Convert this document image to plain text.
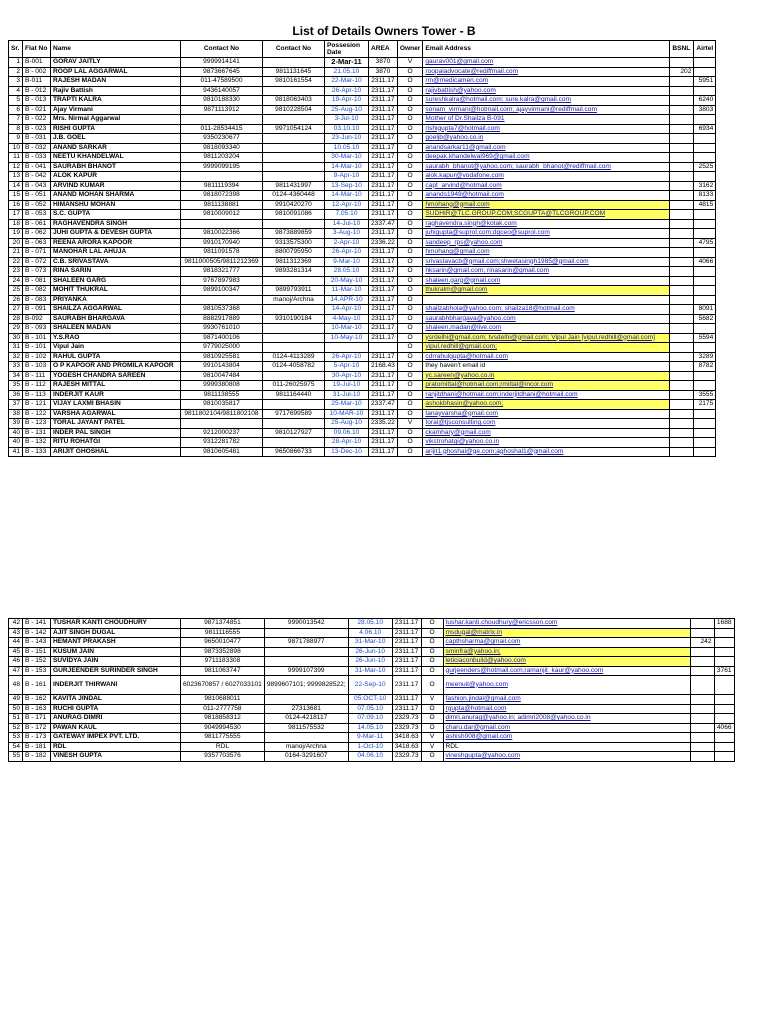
List of Details Owners Tower - B
Sr.	Flat No	Name	Contact No	Contact No	Possesion Date	AREA	Owner	Email Address	BSNL	Airtel
1	B-001	GORAV JAITLY	9999914141		2-Mar-11	3870	V	gaurav001@gmail.com		
2	B - 002	ROOP LAL AGGARWAL	9873667645	9811131645	21.05.10	3870	O	roopaladvocate@rediffmail.com	202	
3	B-011	RAJESH MADAN	011-47589500	9810161554	22-Mar-10	2311.17	O	rm@medicamen.com		5951
4	B - 012	Rajiv Battish	9436140057		26-Apr-10	2311.17	O	rajivbattish@yahoo.com		
5	B - 013	TRAPTI KALRA	9810188330	9818063403	19-Apr-10	2311.17	O	sureshkalra@hotmail.com; sure.kalra@gmail.com		6240
6	B - 021	Ajay Virmani	9871113912	9810228504	25-Aug-10	2311.17	O	sonam_virmani@hotmail.com; ajayvirmani@rediffmail.com		3803
7	B - 022	Mrs. Nirmal Aggarwal			3-Jul-10	2311.17	O	Mother of Dr.Shailza B-091		
8	B - 023	RISHI GUPTA	011-28534415	9971054124	03.10.10	2311.17	O	rishigupta7@hotmail.com		6934
9	B - 031	J.B. GOEL	9350230677		23-Jun-10	2311.17	O	goeljb@yahoo.co.in		
10	B - 032	ANAND SARKAR	9818093340		10.05.10	2311.17	O	anandsarkar11@gmail.com		
11	B - 033	NEETU KHANDELWAL	9811203204		30-Mar-10	2311.17	O	deepak.khandelwal969@gmail.com		
12	B - 041	SAURABH BHANOT	9999099195		14-Mar-10	2311.17	O	saurabh_bhanot@yahoo.com; saurabh_bhanot@rediffmail.com		2525
13	B - 042	ALOK KAPUR			9-Apr-10	2311.17	O	alok.kapur@vodafone.com		
14	B - 043	ARVIND KUMAR	9811119394	9811431997	13-Sep-10	2311.17	O	capt_arvind@hotmail.com		3162
15	B - 051	ANAND MOHAN SHARMA	9818072398	0124-4360448	14-Mar-10	2311.17	O	anands1949@hotmail.com		8133
16	B - 052	HIMANSHU MOHAN	9811138881	9910420270	12-Apr-10	2311.17	O	hmohang@gmail.com		4815
17	B - 053	S.C. GUPTA	9810009012	9810091086	7.05.10	2311.17	O	SUDHIR@TLC.GROUP.COM;SCGUPTA@TLCGROUP.COM		
18	B - 061	RAGHAVENDRA SINGH			14-Jul-10	2337.47	O	raghavendra.singh@kotak.com		
19	B - 062	JUHI GUPTA & DEVESH GUPTA	9810022366	9873889859	3-Aug-10	2311.17	O	juhigupta@suprol.com;dgceo@suprol.com		
20	B - 063	REENA ARORA KAPOOR	9910170940	9313575300	2-Apr-10	2336.22	O	sandeep_rps@yahoo.com		4795
21	B - 071	MANOHAR LAL AHUJA	9811091578	8800795950	26-Apr-10	2311.17	O	hmohang@gmail.com		
22	B - 072	C.B. SRIVASTAVA	9811000505/9811212369	9811312369	9-Mar-10	2311.17	O	srivastavacb@gmail.com;shwetasingh1985@gmail.com		4066
23	B - 073	RINA SARIN	9818321777	9893281314	28.05.10	2311.17	O	hksarin@gmail.com; rinasarin@gmail.com		
24	B - 081	SHALEEN GARG	9767897983		20-May-10	2311.17	O	shaleen.garg@gmail.com		
25	B - 082	MOHIT THUKRAL	9899100347	9899793911	11-Mar-10	2311.17	O	thukralm@gmail.com		
26	B - 083	PRIYANKA		manoj/Archna	14.APR-10	2311.17	O			
27	B - 091	SHAILZA AGGARWAL	9810537368		14-Apr-10	2311.17	O	shailzabhola@yahoo.com; shailza18@hotmail.com		8091
28	B-092	SAURABH BHARGAVA	8882917889	9310190184	4-May-10	2311.17	O	saurabhbhargava@yahoo.com		5682
29	B - 093	SHALEEN MADAN	9930761010		10-Mar-10	2311.17	O	shaleen.madan@live.com		
30	B - 101	Y.S.RAO	9871400106		10-May-10	2311.17	O	ysrdelhi@gmail.com; tvsdelhi@gmail.com; Vipul Jain [vipul.redhill@gmail.com]		5594
31	B - 101	Vipul Jain	9779025000				O	vipul.redhill@gmail.com;		
32	B - 102	RAHUL GUPTA	9810925581	0124-4113289	26-Apr-10	2311.17	O	cdrrahulgupta@hotmail.com		3289
33	B - 103	O P KAPOOR AND PROMILA KAPOOR	9910143804	0124-4058782	5-Apr-10	2168.43	O	they haven't email id		8782
34	B - 111	YOGESH CHANDRA SAREEN	9810047484		30-Apr-10	2311.17	O	yc.sareen@yahoo.co.in		
35	B - 112	RAJESH MITTAL	9999380808	011-26025975	19-Jul-10	2311.17	O	pratomittal@hotmail.com;rmittal@incor.com		
36	B - 113	INDERJIT KAUR	9811138555	9811164440	31-Jul-10	2311.17	O	ranjitdhani@hotmail.com;inderjitdhani@hotmail.com		3555
37	B - 121	VIJAY LAXMI BHASIN	9810035817		25-Mar-10	2337.47	O	ashokbhasin@yahoo.com;		2175
38	B - 122	VARSHA AGARWAL	9811802104/9811802108	9717699589	10-MAR-10	2311.17	O	tanayvarsha@gmail.com		
39	B - 123	TORAL JAYANT PATEL			25-Aug-10	2335.22	V	toral@tjsconsulting.com		
40	B - 131	INDER PAL SINGH	9212000237	9810127927	09.06.10	2311.17	O	ckamhary@gmail.com		
40	B - 132	RITU ROHATGI	9312281782		28-Apr-10	2311.17	O	vikstrohatgi@yahoo.co.in		
41	B - 133	ARIJIT GHOSHAL	9810605481	9650866733	13-Dec-10	2311.17	O	arijit1.ghoshal@ge.com;aghoshal1@gmail.com		
42	B - 141	TUSHAR KANTI CHOUDHURY	9871374851	9990013542	28.05.10	2311.17	O	tushar.kanti.choudhury@ericsson.com		1688
43	B - 142	AJIT SINGH DUGAL	9811116555		4.06.10	2311.17	O	msdugal@matrix.in		
44	B - 143	HEMANT PRAKASH	9650010477	9871788977	31-Mar-10	2311.17	O	capthsharma@gmail.com	242	
45	B - 151	KUSUM JAIN	9873352898		26-Jun-10	2311.17	O	sminfra@yahoo.in;		
46	B - 152	SUVIDYA JAIN	9711183308		26-Jun-10	2311.17	O	leticiaconbuild@yahoo.com		
47	B - 153	GURJEENDER SURINDER SINGH	9811063747	9999107399	31-Mar-10	2311.17	O	gurjeenders@hotmail.com;ramanjit_kaur@yahoo.com		3761
48	B - 161	INDERJIT THIRWANI	6023670857 / 6027033101	9899607101; 9999828522;	22-Sep-10	2311.17	O	meenuit@yahoo.com		
49	B - 162	KAVITA JINDAL	9810688011		05.OCT-10	2311.17	V	fashion.jindal@gmail.com		
50	B - 163	RUCHI GUPTA	011-2777758	27313681	07.05.10	2311.17	O	rgupta@hotmail.com		
51	B - 171	ANURAG DIMRI	9818858312	0124-4218117	07.09.10	2329.73	O	dimri.anurag@yahoo.in; adimri2008@yahoo.co.in		
52	B - 172	PAWAN KAUL	9049994530	9811575532	14.05.10	2329.73	O	charu.dar@gmail.com		4066
53	B - 173	GATEWAY IMPEX PVT. LTD.	9811775555		9-Mar-11	3418.63	V	ashish008@gmail.com		
54	B - 181	RDL	RDL	manoj/Archna	1-Oct-10	3418.63	V	RDL		
55	B - 182	VINESH GUPTA	9357703576	0164-3291607	04.06.10	2329.73	O	vineshgupta@yahoo.com		
